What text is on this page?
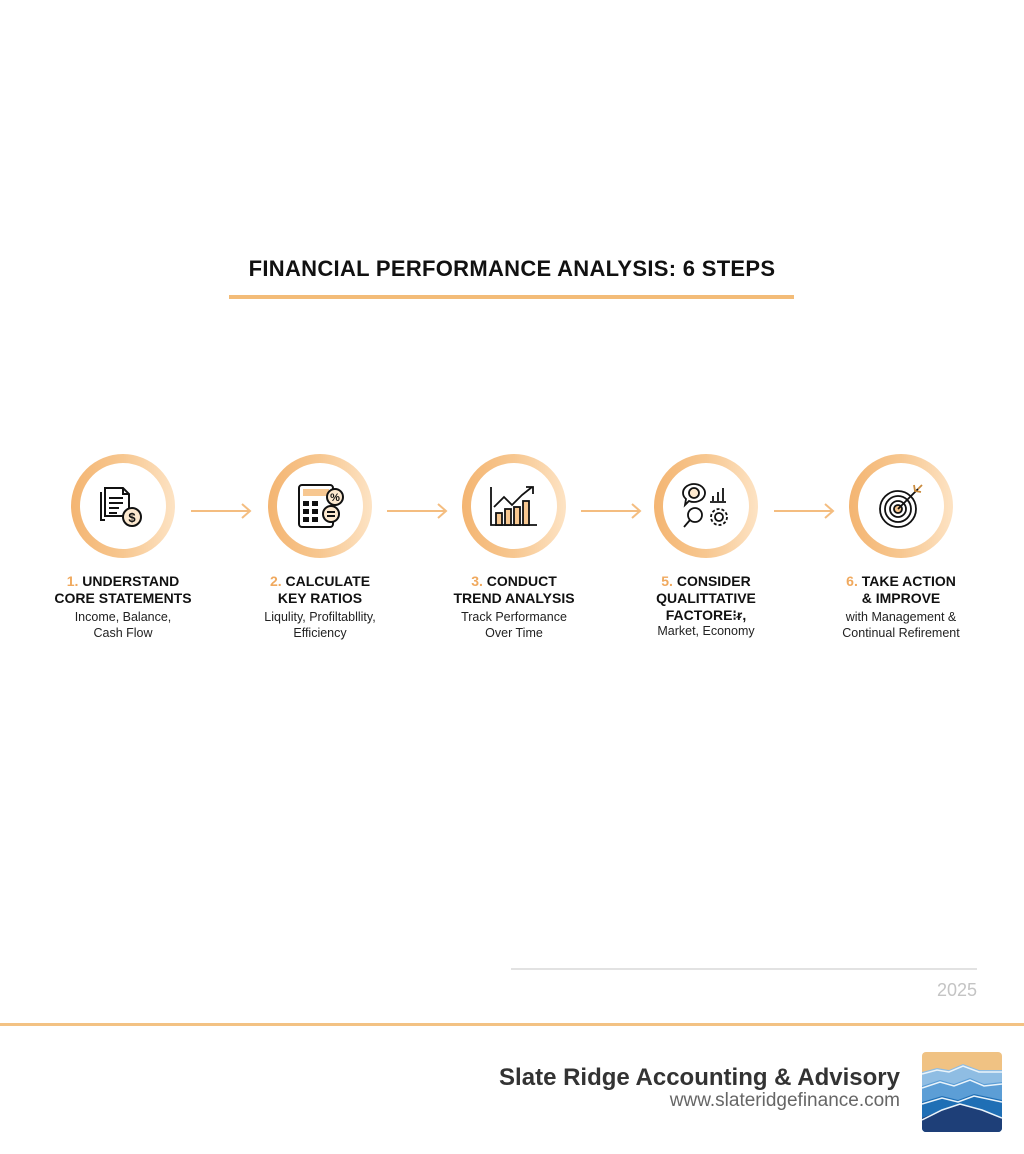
FINANCIAL PERFORMANCE ANALYSIS: 6 STEPS
$
1. UNDERSTAND
CORE STATEMENTS
Income, Balance,
Cash Flow
%
2. CALCULATE
KEY RATIOS
Liqulity, Profiltabllity,
Efficiency
3. CONDUCT
TREND ANALYSIS
Track Performance
Over Time
5. CONSIDER
QUALITTATIVE
FACTORE⁝ᵲ,
Market, Economy
6. TAKE ACTION
& IMPROVE
with Management &
Continual Refirement
2025
Slate Ridge Accounting & Advisory
www.slateridgefinance.com
